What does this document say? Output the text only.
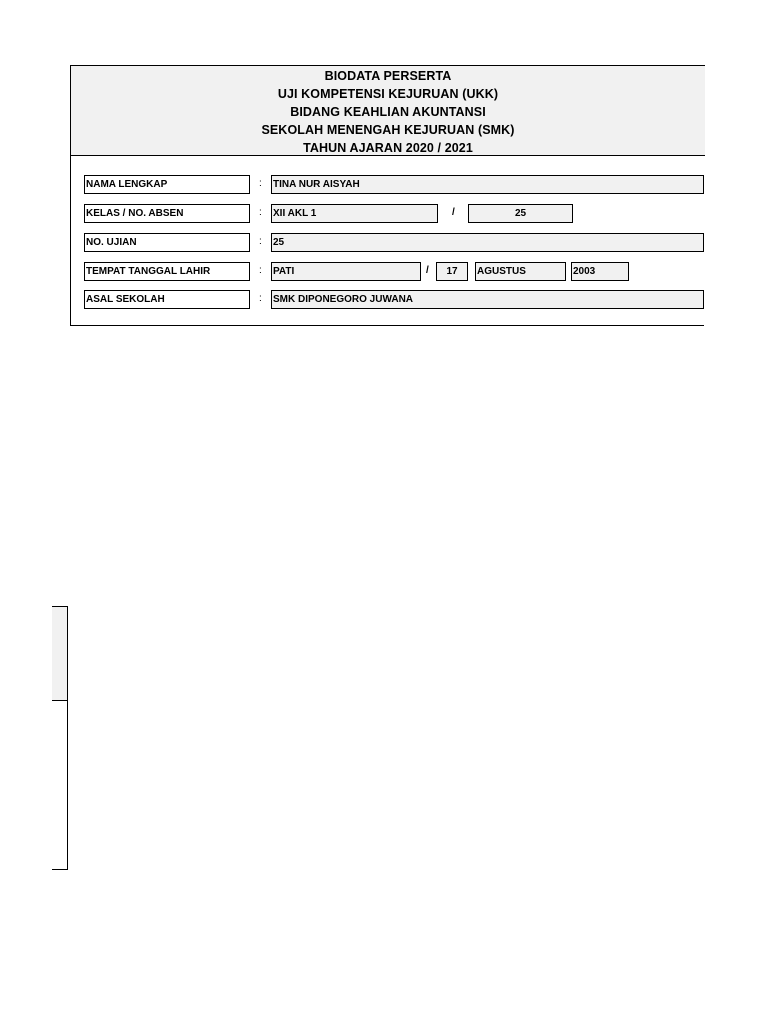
BIODATA PERSERTA
UJI KOMPETENSI KEJURUAN (UKK)
BIDANG KEAHLIAN AKUNTANSI
SEKOLAH MENENGAH KEJURUAN (SMK)
TAHUN AJARAN 2020 / 2021
NAMA LENGKAP	: TINA NUR AISYAH
KELAS / NO. ABSEN	: XII AKL 1	/	25
NO. UJIAN	: 25
TEMPAT TANGGAL LAHIR	: PATI	/	17	AGUSTUS	2003
ASAL SEKOLAH	: SMK DIPONEGORO JUWANA
